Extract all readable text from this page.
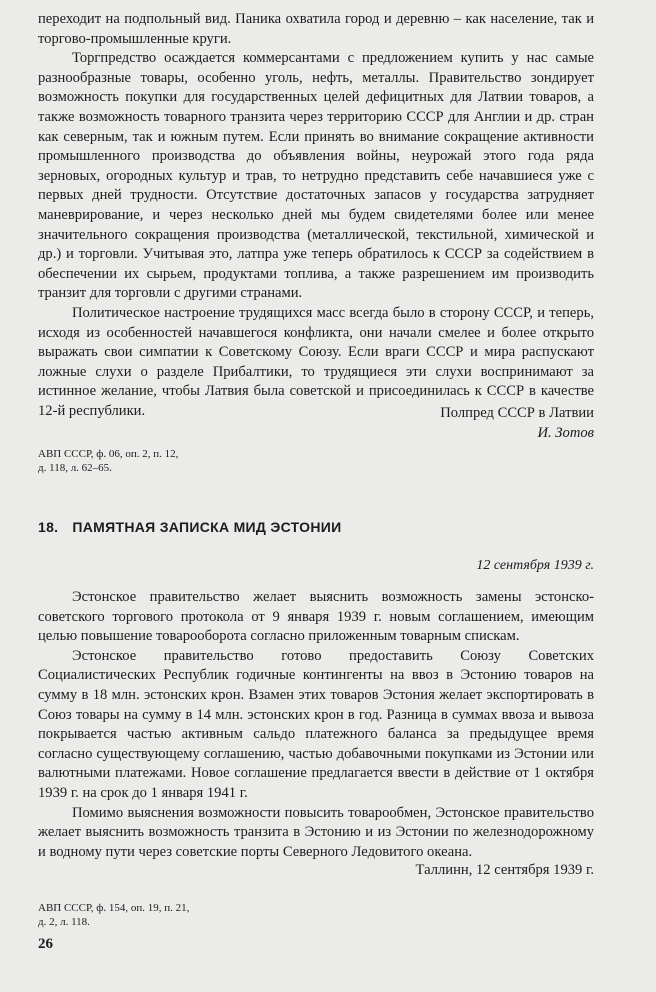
переходит на подпольный вид. Паника охватила город и деревню – как население, так и торгово-промышленные круги.

Торгпредство осаждается коммерсантами с предложением купить у нас самые разнообразные товары, особенно уголь, нефть, металлы. Правительство зондирует возможность покупки для государственных целей дефицитных для Латвии товаров, а также возможность товарного транзита через территорию СССР для Англии и др. стран как северным, так и южным путем. Если принять во внимание сокращение активности промышленного производства до объявления войны, неурожай этого года ряда зерновых, огородных культур и трав, то нетрудно представить себе начавшиеся уже с первых дней трудности. Отсутствие достаточных запасов у государства затрудняет маневрирование, и через несколько дней мы будем свидетелями более или менее значительного сокращения производства (металлической, текстильной, химической и др.) и торговли. Учитывая это, латпра уже теперь обратилось к СССР за содействием в обеспечении их сырьем, продуктами топлива, а также разрешением им производить транзит для торговли с другими странами.

Политическое настроение трудящихся масс всегда было в сторону СССР, и теперь, исходя из особенностей начавшегося конфликта, они начали смелее и более открыто выражать свои симпатии к Советскому Союзу. Если враги СССР и мира распускают ложные слухи о разделе Прибалтики, то трудящиеся эти слухи воспринимают за истинное желание, чтобы Латвия была советской и присоединилась к СССР в качестве 12-й республики.	Полпред СССР в Латвии
И. Зотов
АВП СССР, ф. 06, оп. 2, п. 12,
д. 118, л. 62–65.
18. ПАМЯТНАЯ ЗАПИСКА МИД ЭСТОНИИ
12 сентября 1939 г.

Эстонское правительство желает выяснить возможность замены эстонско-советского торгового протокола от 9 января 1939 г. новым соглашением, имеющим целью повышение товарооборота согласно приложенным товарным спискам.

Эстонское правительство готово предоставить Союзу Советских Социалистических Республик годичные контингенты на ввоз в Эстонию товаров на сумму в 18 млн. эстонских крон. Взамен этих товаров Эстония желает экспортировать в Союз товары на сумму в 14 млн. эстонских крон в год. Разница в суммах ввоза и вывоза покрывается частью активным сальдо платежного баланса за предыдущее время согласно существующему соглашению, частью добавочными покупками из Эстонии или валютными платежами. Новое соглашение предлагается ввести в действие от 1 октября 1939 г. на срок до 1 января 1941 г.

Помимо выяснения возможности повысить товарообмен, Эстонское правительство желает выяснить возможность транзита в Эстонию и из Эстонии по железнодорожному и водному пути через советские порты Северного Ледовитого океана.

Таллинн, 12 сентября 1939 г.
АВП СССР, ф. 154, оп. 19, п. 21,
д. 2, л. 118.
26
